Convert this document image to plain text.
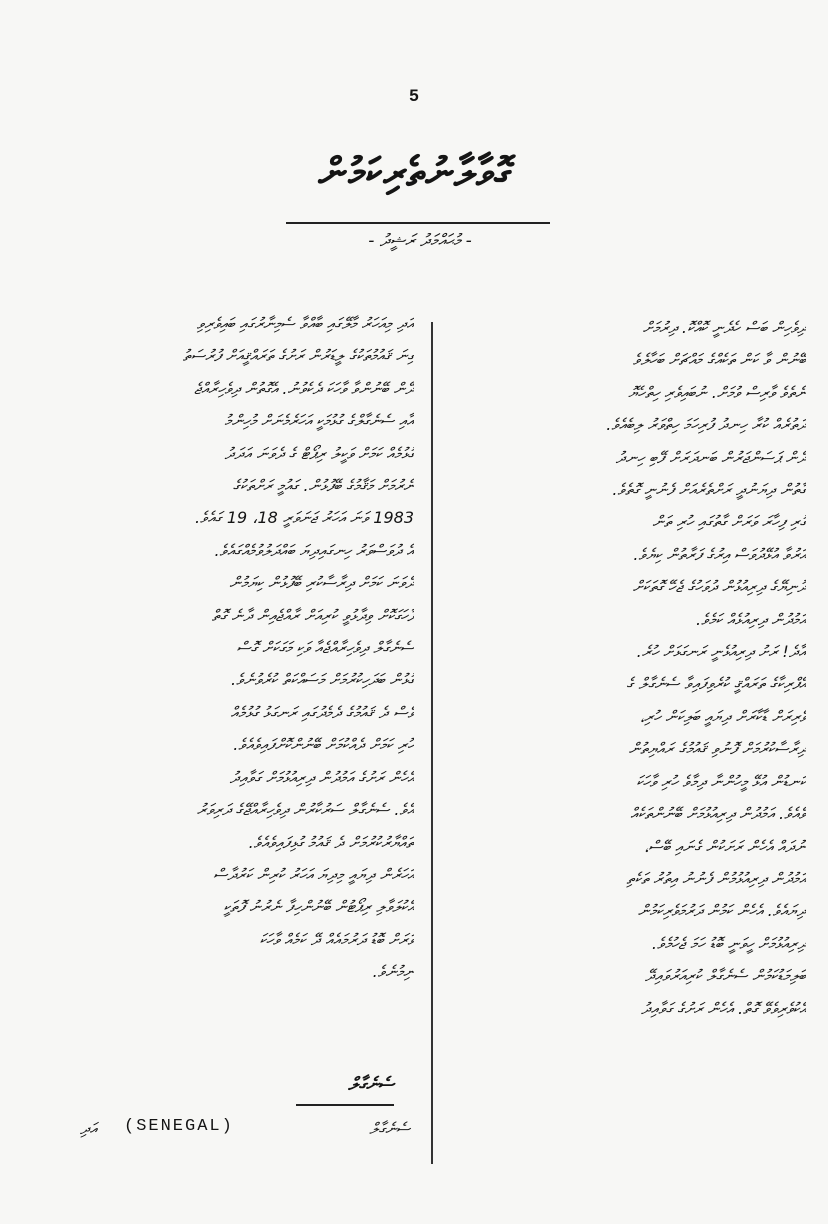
5
ގޮވާލާނުތެރިކަމުން
- މުޙައްމަދު ރަޝީދު -

ދިވެހިން ބަސް ހެދެނީ ކޮއްކޮ. ދިރުމަށް

ބޭނުން ވާ ކަން ތަކެއްގެ މައްޗަށް ބަހާލެވެ

ނެތެވެ ވާރިސް ވުމަށް. ނުބައިވެރި ހިތްހެޔޮ

ދަތުރެއް ކުރާ ހިނދު ފުރިހަމަ ހިތްވަރު ލިބެއެވެ.

ދެން ޕަސަންޖަރުން ބަނދަރަށް ފޭބި ހިނދު

ގާތުން ދިޔަނުދީ ރަށްތެރެއަށް ފެނުނީ ގޮތެވެ.

ގުރި ފިހާރަ ވަރަށް ގާތުގައި ހުރި ތަން

އަރުވާ އުޅޭދުވަސް އިރުގެ ފަރާތުން ކިޔެވެ.

ދުނިޔޭގެ ދިރިއުޅުން ދުވަހުގެ ޖެހޭ ގޮތަކަށް

އަމުދުން ދިރިއުޅެއް ކަމެވެ.

އާދެ! ރަށު ދިރިއުޅެނީ ރަނގަޅަށް ހުރެ.

އެފްރިކާގެ ތަރައްޤީ ކުރެވިފައިވާ ސެނެގާލް ގެ

ވެރިރަށް ޑާކާރަށް ދިޔައީ ބަލިކަން ހުރި،

ދިރާސާކުރުމަށް ފޮނުވި ޤައުމުގެ ރައްޔިތުން

ކަނޑުން އުޅޭ މީހުންނާ ދިމާވެ ހުރި ވާހަކަ

ވެއެވެ. އަމުދުން ދިރިއުޅުމަށް ބޭނުންތަކެއް

ނުދައް އެހެން ރަށަކުން ގެނައި ބޭސް،

އަމުދުން ދިރިއުޅުމުން ފެނުނު އިތުރު ތަކެތި

ދިޔައެވެ. އެހެން ކަމުން ދަރުމަވެރިކަމުން

ދިރިއުޅުމަށް ހީވަނީ ބޮޑު ހަމަ ޖެހުމެވެ.

ބަލިމަޑުކަމުން ސެނެގާލް ކުރިއަރުވައިދޭ

އެކުވެރިވެވޭ ގޮތް. އެހެން ރަށުގެ ގަވާއިދު

އަދި މިއަހަރު މާލޭގައި ބާއްވާ ސެމިނާރުގައި ބައިވެރިވި

ގިނަ ޤައުމުތަކުގެ ލީޑަރުން ރަށުގެ ތަރައްޤީއަށް ފުރުސަތު

ދޭން ބޭނުންވާ ވާހަކަ ދެކެވުނު. އެގޮތުން ދިވެހިރާއްޖެ

އާއި ސެނެގާލްގެ ގުޅުމަކީ އަހަރެމެނަށް މުހިންމު

ގުޅުމެއް ކަމަށް ވަކީލު ރިޕޯޓް ގެ ދެވަނަ އަދަދު

ނެރުމަށް މަޤާމުގެ ބޭފުޅުން. ގައުމީ ރަށްތަކުގެ

1983 ވަނަ އަހަރު ޖަނަވަރީ 18، 19 ގައެވެ.

އެ ދުވަސްވަރު ހިނގައިދިޔަ ބައްދަލުވުމެއްގައެވެ.

ދެވަނަ ކަމަށް ދިރާސާކުރި ބޭފުޅުން ކިޔަމުން

ފާހަގަކޮށް ވިދާޅުވީ ކުރިއަށް ރާއްޖެއިން ދާނެ ގޮތް

ސެނެގާލް ދިވެހިރާއްޖެއާ ވަކި މަގަކަށް ގޮސް

ގުޅުން ބަދަހިކުރުމަށް މަސައްކަތް ކުރެވުނެވެ.

ވެސް ދެ ޤައުމުގެ ދެމެދުގައި ރަނގަޅު ގުޅުމެއް

ހުރި ކަމަށް ދެއްކުމަށް ބޭނުންކޮށްފައިވެއެވެ.

އެހެން ރަށުގެ އަމުދުން ދިރިއުޅުމަށް ގަވާއިދު

އެވެ. ސެނެގާލް ސަރުކާރުން ދިވެހިރާއްޖޭގެ ދަރިވަރު

ތައްޔާރުކުރުމަށް ދެ ޤައުމު ގުޅިފައިވެއެވެ.

އަހަރެން ދިޔައީ މިދިޔަ އަހަރު ކުރިން ކަރުދާސް

އެކުލަވާލި ރިޕޯޓުން ބޭނުންހިފާ ނެރުނު ފޮތަކީ

ވަރަށް ބޮޑު ދަރުމައެއް ދޭ ކަމެއް ވާހަކަ

ނިމުނެވެ.

ސެނެގާލް
ސެނެގާލް
(SENEGAL)
އަދި
